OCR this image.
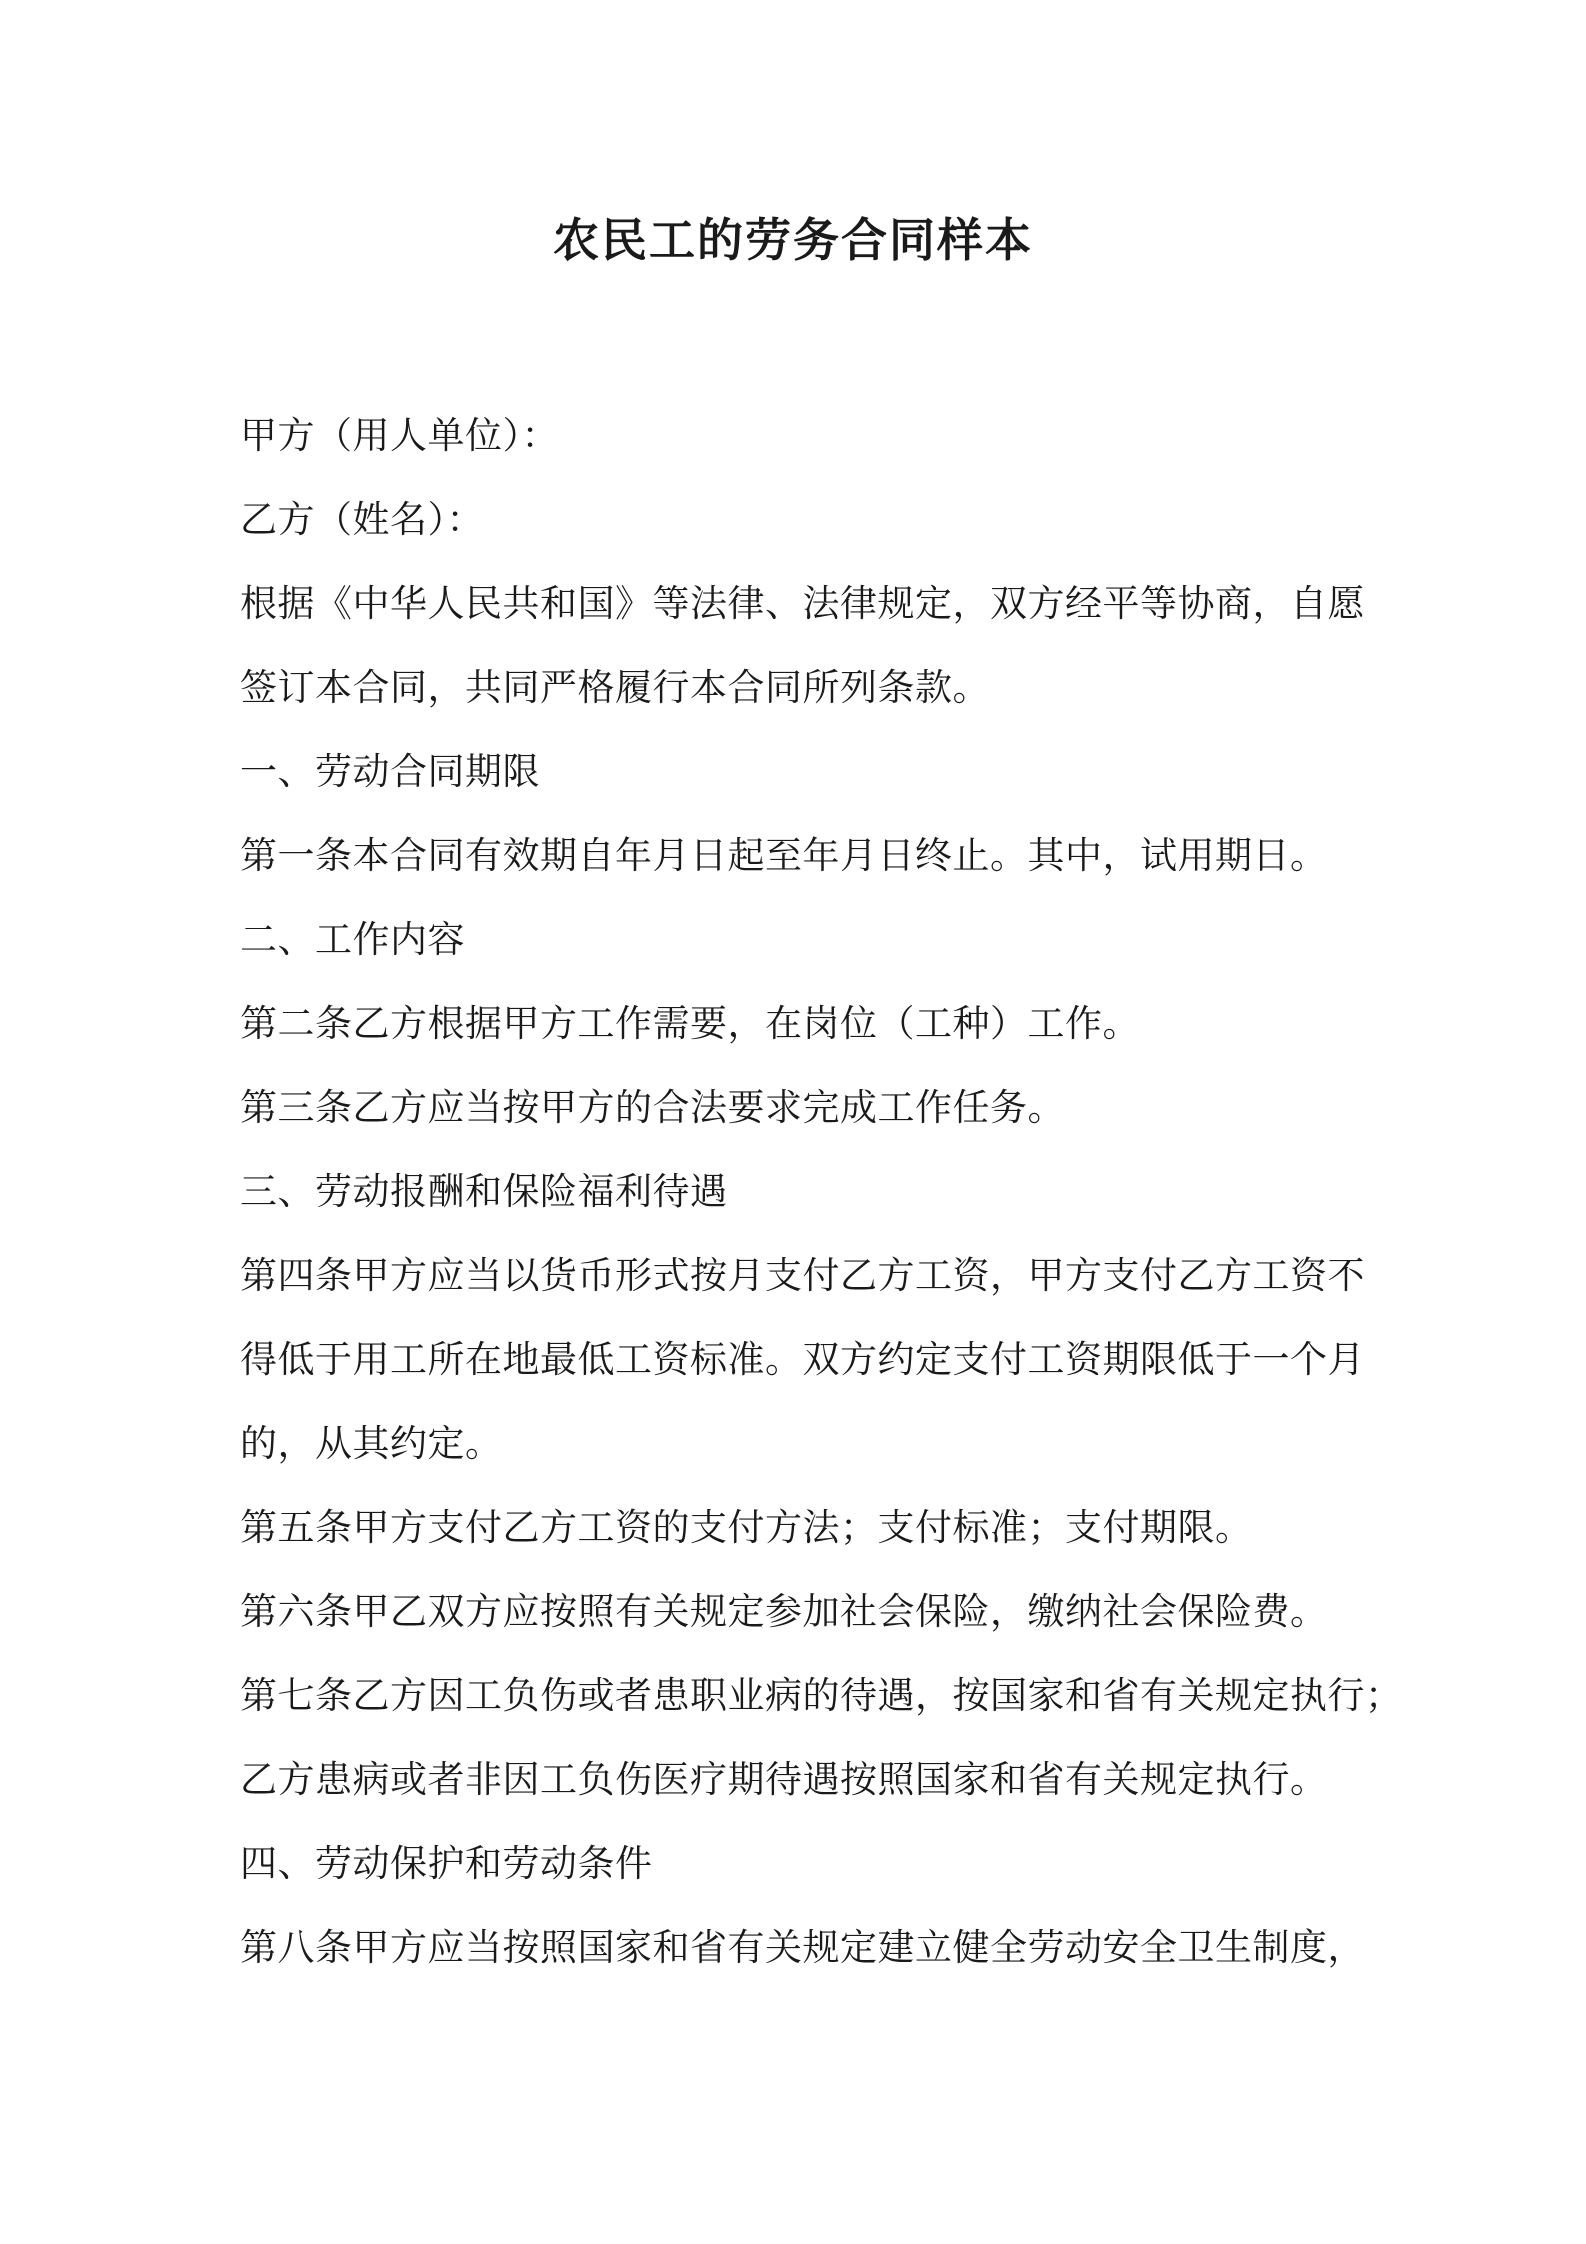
农民工的劳务合同样本
甲方（用人单位）：
乙方（姓名）：
根据《中华人民共和国》等法律、法律规定，双方经平等协商，自愿
签订本合同，共同严格履行本合同所列条款。
一、劳动合同期限
第一条本合同有效期自年月日起至年月日终止。其中，试用期日。
二、工作内容
第二条乙方根据甲方工作需要，在岗位（工种）工作。
第三条乙方应当按甲方的合法要求完成工作任务。
三、劳动报酬和保险福利待遇
第四条甲方应当以货币形式按月支付乙方工资，甲方支付乙方工资不
得低于用工所在地最低工资标准。双方约定支付工资期限低于一个月
的，从其约定。
第五条甲方支付乙方工资的支付方法；支付标准；支付期限。
第六条甲乙双方应按照有关规定参加社会保险，缴纳社会保险费。
第七条乙方因工负伤或者患职业病的待遇，按国家和省有关规定执行；
乙方患病或者非因工负伤医疗期待遇按照国家和省有关规定执行。
四、劳动保护和劳动条件
第八条甲方应当按照国家和省有关规定建立健全劳动安全卫生制度，
